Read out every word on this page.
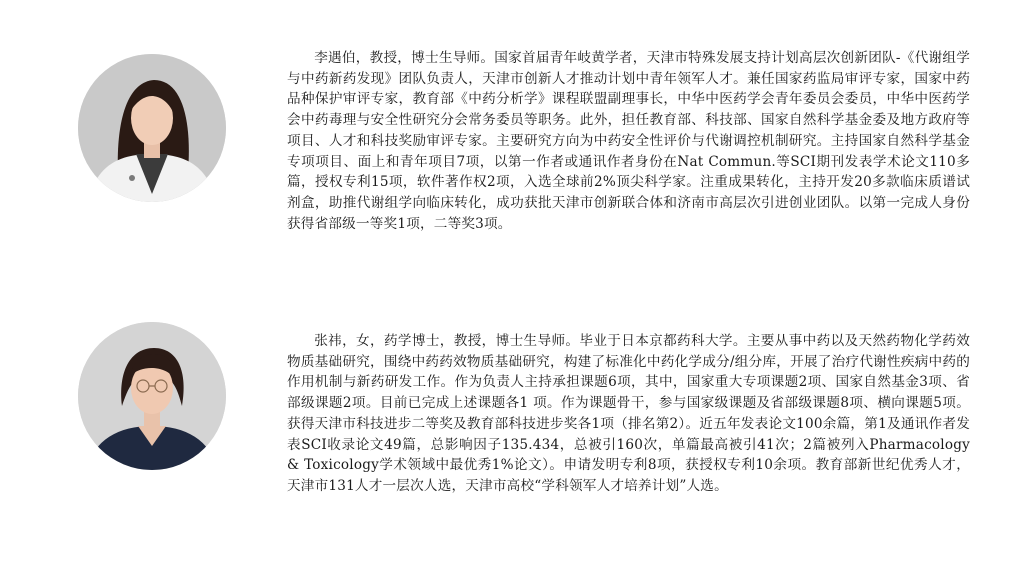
李遇伯，教授，博士生导师。国家首届青年岐黄学者，天津市特殊发展支持计划高层次创新团队-《代谢组学与中药新药发现》团队负责人，天津市创新人才推动计划中青年领军人才。兼任国家药监局审评专家，国家中药品种保护审评专家，教育部《中药分析学》课程联盟副理事长，中华中医药学会青年委员会委员，中华中医药学会中药毒理与安全性研究分会常务委员等职务。此外，担任教育部、科技部、国家自然科学基金委及地方政府等项目、人才和科技奖励审评专家。主要研究方向为中药安全性评价与代谢调控机制研究。主持国家自然科学基金专项项目、面上和青年项目7项，以第一作者或通讯作者身份在Nat Commun.等SCI期刊发表学术论文110多篇，授权专利15项，软件著作权2项，入选全球前2%顶尖科学家。注重成果转化，主持开发20多款临床质谱试剂盒，助推代谢组学向临床转化，成功获批天津市创新联合体和济南市高层次引进创业团队。以第一完成人身份获得省部级一等奖1项，二等奖3项。

张祎，女，药学博士，教授，博士生导师。毕业于日本京都药科大学。主要从事中药以及天然药物化学药效物质基础研究，围绕中药药效物质基础研究，构建了标准化中药化学成分/组分库，开展了治疗代谢性疾病中药的作用机制与新药研发工作。作为负责人主持承担课题6项，其中，国家重大专项课题2项、国家自然基金3项、省部级课题2项。目前已完成上述课题各1 项。作为课题骨干，参与国家级课题及省部级课题8项、横向课题5项。获得天津市科技进步二等奖及教育部科技进步奖各1项（排名第2）。近五年发表论文100余篇，第1及通讯作者发表SCI收录论文49篇，总影响因子135.434，总被引160次，单篇最高被引41次；2篇被列入Pharmacology & Toxicology学术领域中最优秀1%论文）。申请发明专利8项，获授权专利10余项。教育部新世纪优秀人才，天津市131人才一层次人选，天津市高校“学科领军人才培养计划”人选。
